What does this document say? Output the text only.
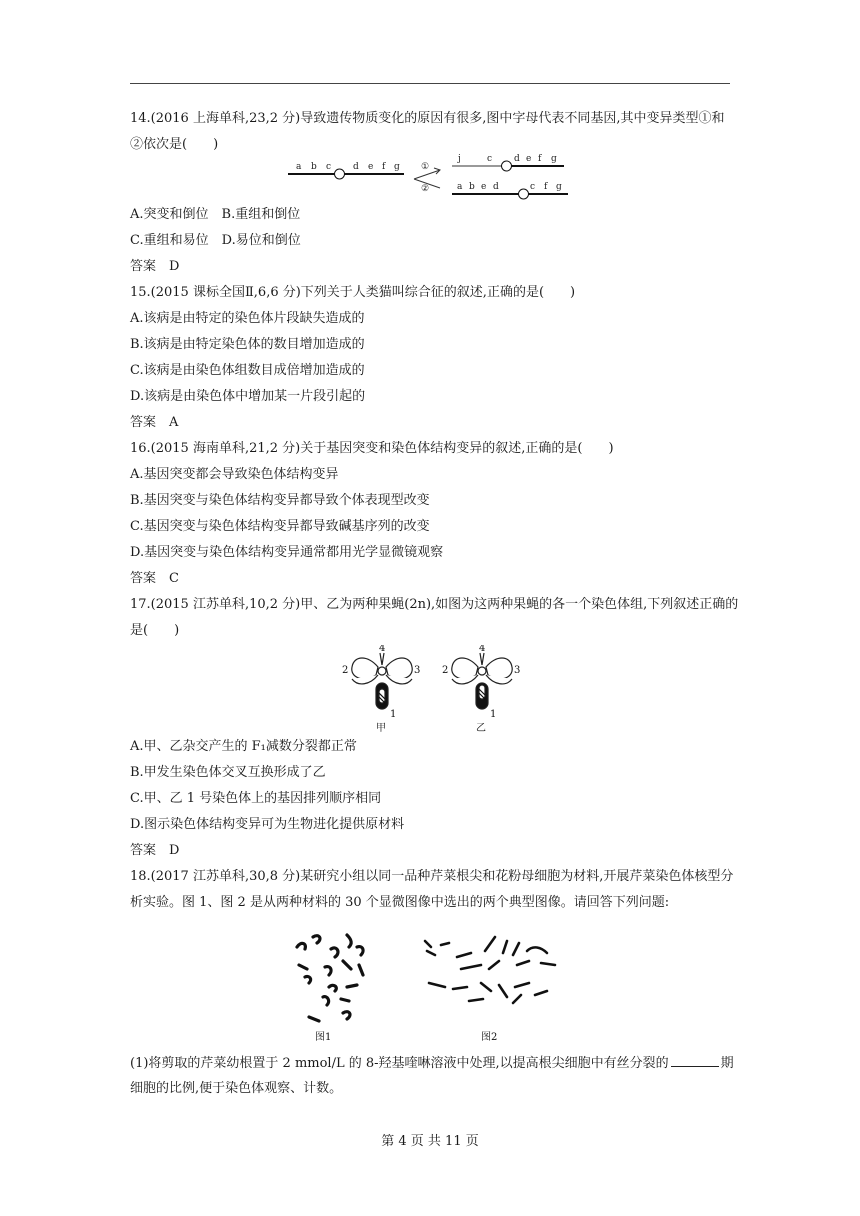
14.(2016 上海单科,23,2 分)导致遗传物质变化的原因有很多,图中字母代表不同基因,其中变异类型①和
②依次是(　　)
a b c d e f g ①
②
j	c d e f g
a b e d	c f g
A.突变和倒位　B.重组和倒位
C.重组和易位　D.易位和倒位
答案　D
15.(2015 课标全国Ⅱ,6,6 分)下列关于人类猫叫综合征的叙述,正确的是(　　)
A.该病是由特定的染色体片段缺失造成的
B.该病是由特定染色体的数目增加造成的
C.该病是由染色体组数目成倍增加造成的
D.该病是由染色体中增加某一片段引起的
答案　A
16.(2015 海南单科,21,2 分)关于基因突变和染色体结构变异的叙述,正确的是(　　)
A.基因突变都会导致染色体结构变异
B.基因突变与染色体结构变异都导致个体表现型改变
C.基因突变与染色体结构变异都导致碱基序列的改变
D.基因突变与染色体结构变异通常都用光学显微镜观察
答案　C
17.(2015 江苏单科,10,2 分)甲、乙为两种果蝇(2n),如图为这两种果蝇的各一个染色体组,下列叙述正确的
是(　　)
2
4
3
1
甲
2
4
3
1
乙
A.甲、乙杂交产生的 F₁减数分裂都正常
B.甲发生染色体交叉互换形成了乙
C.甲、乙 1 号染色体上的基因排列顺序相同
D.图示染色体结构变异可为生物进化提供原材料
答案　D
18.(2017 江苏单科,30,8 分)某研究小组以同一品种芹菜根尖和花粉母细胞为材料,开展芹菜染色体核型分
析实验。图 1、图 2 是从两种材料的 30 个显微图像中选出的两个典型图像。请回答下列问题:
图1	图2
(1)将剪取的芹菜幼根置于 2 mmol/L 的 8-羟基喹啉溶液中处理,以提高根尖细胞中有丝分裂的	期
细胞的比例,便于染色体观察、计数。
第 4 页 共 11 页
